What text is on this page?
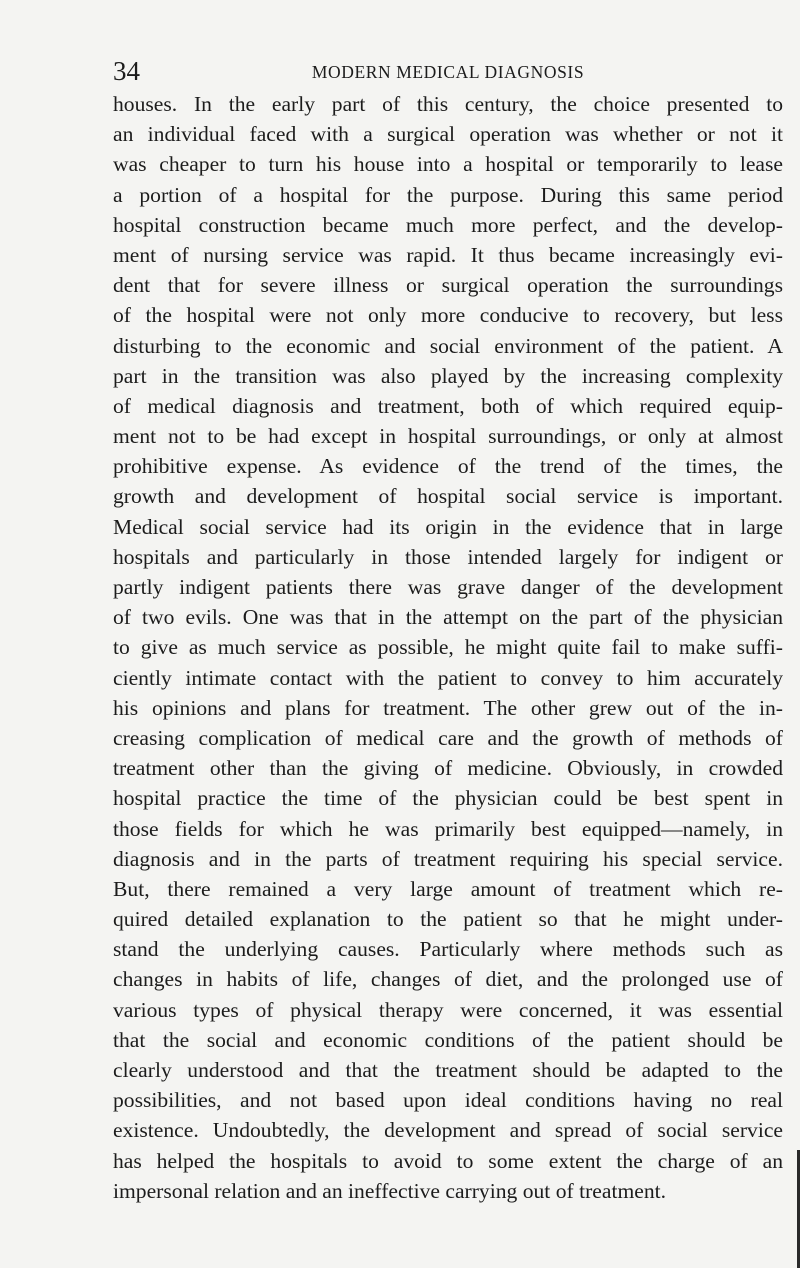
34	MODERN MEDICAL DIAGNOSIS
houses. In the early part of this century, the choice presented to
an individual faced with a surgical operation was whether or not it
was cheaper to turn his house into a hospital or temporarily to lease
a portion of a hospital for the purpose. During this same period
hospital construction became much more perfect, and the develop-
ment of nursing service was rapid. It thus became increasingly evi-
dent that for severe illness or surgical operation the surroundings
of the hospital were not only more conducive to recovery, but less
disturbing to the economic and social environment of the patient. A
part in the transition was also played by the increasing complexity
of medical diagnosis and treatment, both of which required equip-
ment not to be had except in hospital surroundings, or only at almost
prohibitive expense. As evidence of the trend of the times, the
growth and development of hospital social service is important.
Medical social service had its origin in the evidence that in large
hospitals and particularly in those intended largely for indigent or
partly indigent patients there was grave danger of the development
of two evils. One was that in the attempt on the part of the physician
to give as much service as possible, he might quite fail to make suffi-
ciently intimate contact with the patient to convey to him accurately
his opinions and plans for treatment. The other grew out of the in-
creasing complication of medical care and the growth of methods of
treatment other than the giving of medicine. Obviously, in crowded
hospital practice the time of the physician could be best spent in
those fields for which he was primarily best equipped—namely, in
diagnosis and in the parts of treatment requiring his special service.
But, there remained a very large amount of treatment which re-
quired detailed explanation to the patient so that he might under-
stand the underlying causes. Particularly where methods such as
changes in habits of life, changes of diet, and the prolonged use of
various types of physical therapy were concerned, it was essential
that the social and economic conditions of the patient should be
clearly understood and that the treatment should be adapted to the
possibilities, and not based upon ideal conditions having no real
existence. Undoubtedly, the development and spread of social service
has helped the hospitals to avoid to some extent the charge of an
impersonal relation and an ineffective carrying out of treatment.
